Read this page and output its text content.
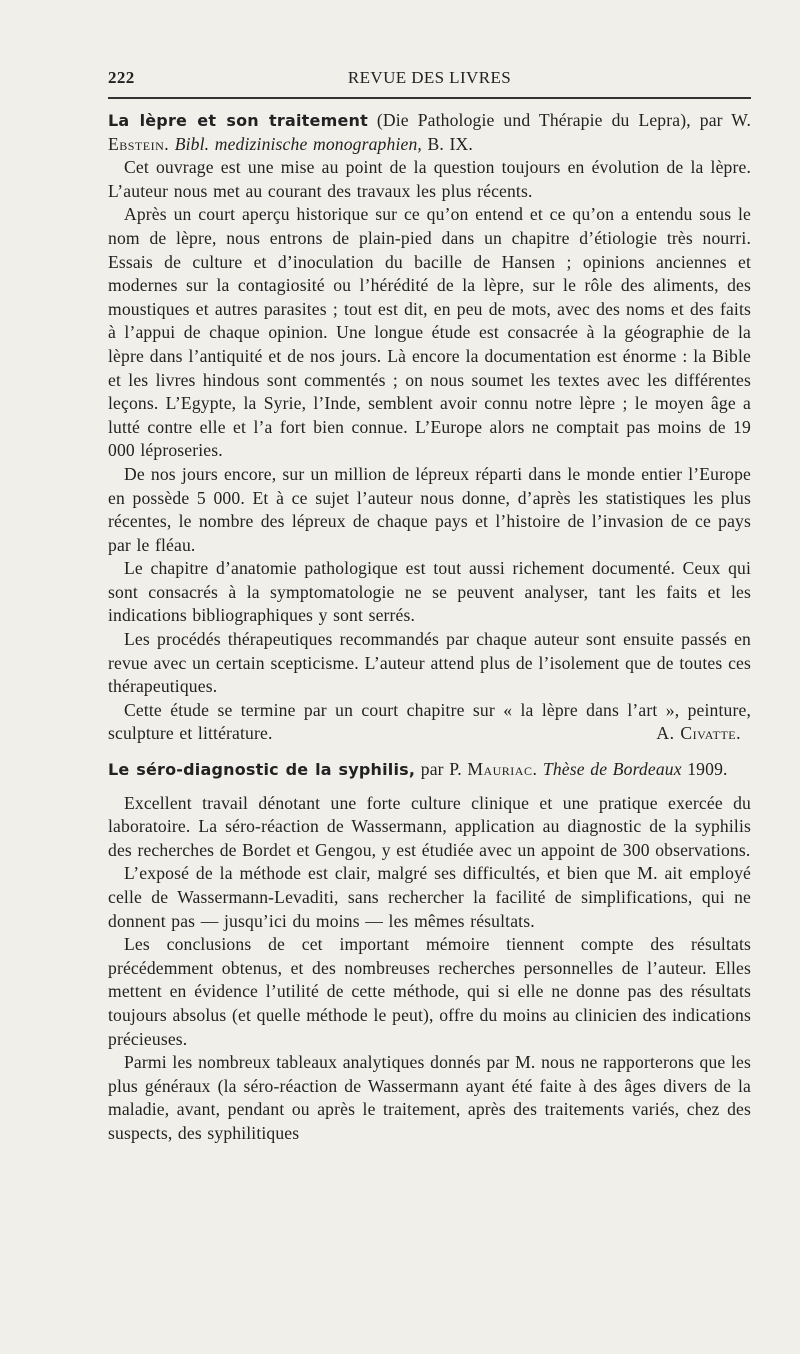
222	REVUE DES LIVRES

La lèpre et son traitement (Die Pathologie und Thérapie du Lepra), par W. Ebstein. Bibl. medizinische monographien, B. IX.

Cet ouvrage est une mise au point de la question toujours en évolution de la lèpre. L’auteur nous met au courant des travaux les plus récents.

Après un court aperçu historique sur ce qu’on entend et ce qu’on a entendu sous le nom de lèpre, nous entrons de plain-pied dans un chapitre d’étiologie très nourri. Essais de culture et d’inoculation du bacille de Hansen ; opinions anciennes et modernes sur la contagiosité ou l’hérédité de la lèpre, sur le rôle des aliments, des moustiques et autres parasites ; tout est dit, en peu de mots, avec des noms et des faits à l’appui de chaque opinion. Une longue étude est consacrée à la géographie de la lèpre dans l’antiquité et de nos jours. Là encore la documentation est énorme : la Bible et les livres hindous sont commentés ; on nous soumet les textes avec les différentes leçons. L’Egypte, la Syrie, l’Inde, semblent avoir connu notre lèpre ; le moyen âge a lutté contre elle et l’a fort bien connue. L’Europe alors ne comptait pas moins de 19 000 léproseries.

De nos jours encore, sur un million de lépreux réparti dans le monde entier l’Europe en possède 5 000. Et à ce sujet l’auteur nous donne, d’après les statistiques les plus récentes, le nombre des lépreux de chaque pays et l’histoire de l’invasion de ce pays par le fléau.

Le chapitre d’anatomie pathologique est tout aussi richement documenté. Ceux qui sont consacrés à la symptomatologie ne se peuvent analyser, tant les faits et les indications bibliographiques y sont serrés.

Les procédés thérapeutiques recommandés par chaque auteur sont ensuite passés en revue avec un certain scepticisme. L’auteur attend plus de l’isolement que de toutes ces thérapeutiques.

Cette étude se termine par un court chapitre sur « la lèpre dans l’art », peinture, sculpture et littérature.	A. Civatte.

Le séro-diagnostic de la syphilis, par P. Mauriac. Thèse de Bordeaux 1909.

Excellent travail dénotant une forte culture clinique et une pratique exercée du laboratoire. La séro-réaction de Wassermann, application au diagnostic de la syphilis des recherches de Bordet et Gengou, y est étudiée avec un appoint de 300 observations.

L’exposé de la méthode est clair, malgré ses difficultés, et bien que M. ait employé celle de Wassermann-Levaditi, sans rechercher la facilité de simplifications, qui ne donnent pas — jusqu’ici du moins — les mêmes résultats.

Les conclusions de cet important mémoire tiennent compte des résultats précédemment obtenus, et des nombreuses recherches personnelles de l’auteur. Elles mettent en évidence l’utilité de cette méthode, qui si elle ne donne pas des résultats toujours absolus (et quelle méthode le peut), offre du moins au clinicien des indications précieuses.

Parmi les nombreux tableaux analytiques donnés par M. nous ne rapporterons que les plus généraux (la séro-réaction de Wassermann ayant été faite à des âges divers de la maladie, avant, pendant ou après le traitement, après des traitements variés, chez des suspects, des syphilitiques
